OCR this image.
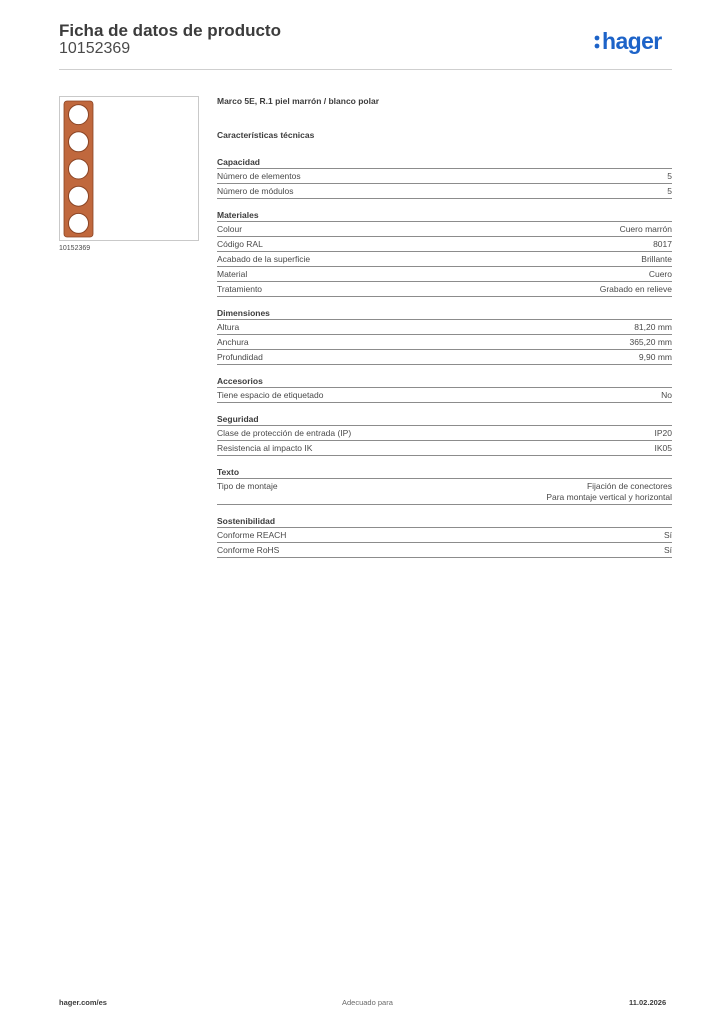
Ficha de datos de producto
10152369	hager
10152369
Marco 5E, R.1 piel marrón / blanco polar
Características técnicas
Capacidad
Número de elementos	5
Número de módulos	5
Materiales
Colour	Cuero marrón
Código RAL	8017
Acabado de la superficie	Brillante
Material	Cuero
Tratamiento	Grabado en relieve
Dimensiones
Altura	81,20 mm
Anchura	365,20 mm
Profundidad	9,90 mm
Accesorios
Tiene espacio de etiquetado	No
Seguridad
Clase de protección de entrada (IP)	IP20
Resistencia al impacto IK	IK05
Texto
Tipo de montaje	Fijación de conectores
Para montaje vertical y horizontal
Sostenibilidad
Conforme REACH	Sí
Conforme RoHS	Sí
hager.com/es	Adecuado para	11.02.2026
